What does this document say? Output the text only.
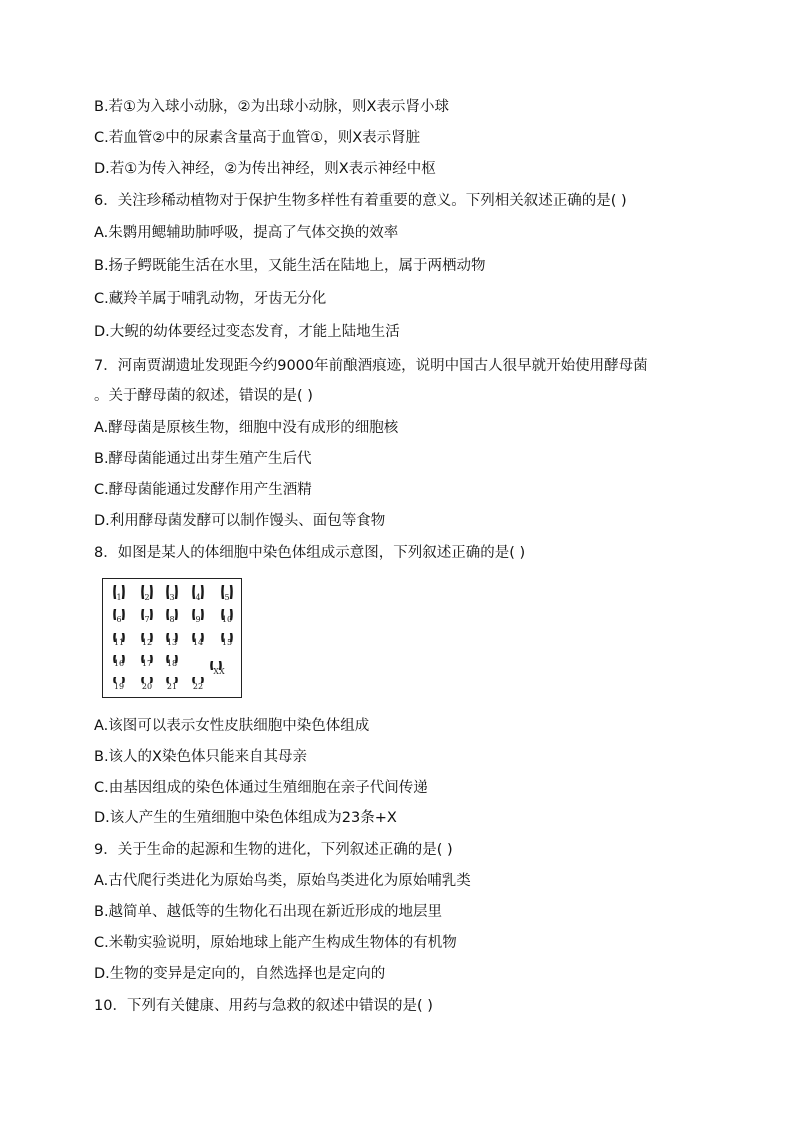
B.若①为入球小动脉，②为出球小动脉，则X表示肾小球
C.若血管②中的尿素含量高于血管①，则X表示肾脏
D.若①为传入神经，②为传出神经，则X表示神经中枢
6．关注珍稀动植物对于保护生物多样性有着重要的意义。下列相关叙述正确的是( )
A.朱鹮用鳃辅助肺呼吸，提高了气体交换的效率
B.扬子鳄既能生活在水里，又能生活在陆地上，属于两栖动物
C.藏羚羊属于哺乳动物，牙齿无分化
D.大鲵的幼体要经过变态发育，才能上陆地生活
7．河南贾湖遗址发现距今约9000年前酿酒痕迹，说明中国古人很早就开始使用酵母菌
。关于酵母菌的叙述，错误的是( )
A.酵母菌是原核生物，细胞中没有成形的细胞核
B.酵母菌能通过出芽生殖产生后代
C.酵母菌能通过发酵作用产生酒精
D.利用酵母菌发酵可以制作馒头、面包等食物
8．如图是某人的体细胞中染色体组成示意图，下列叙述正确的是( )
1	2 3	4	5
6	7 8	9	10
11 12 13 14 15
16 17 18
19 20 21 22
XX
A.该图可以表示女性皮肤细胞中染色体组成
B.该人的X染色体只能来自其母亲
C.由基因组成的染色体通过生殖细胞在亲子代间传递
D.该人产生的生殖细胞中染色体组成为23条+X
9．关于生命的起源和生物的进化，下列叙述正确的是( )
A.古代爬行类进化为原始鸟类，原始鸟类进化为原始哺乳类
B.越简单、越低等的生物化石出现在新近形成的地层里
C.米勒实验说明，原始地球上能产生构成生物体的有机物
D.生物的变异是定向的，自然选择也是定向的
10．下列有关健康、用药与急救的叙述中错误的是( )
